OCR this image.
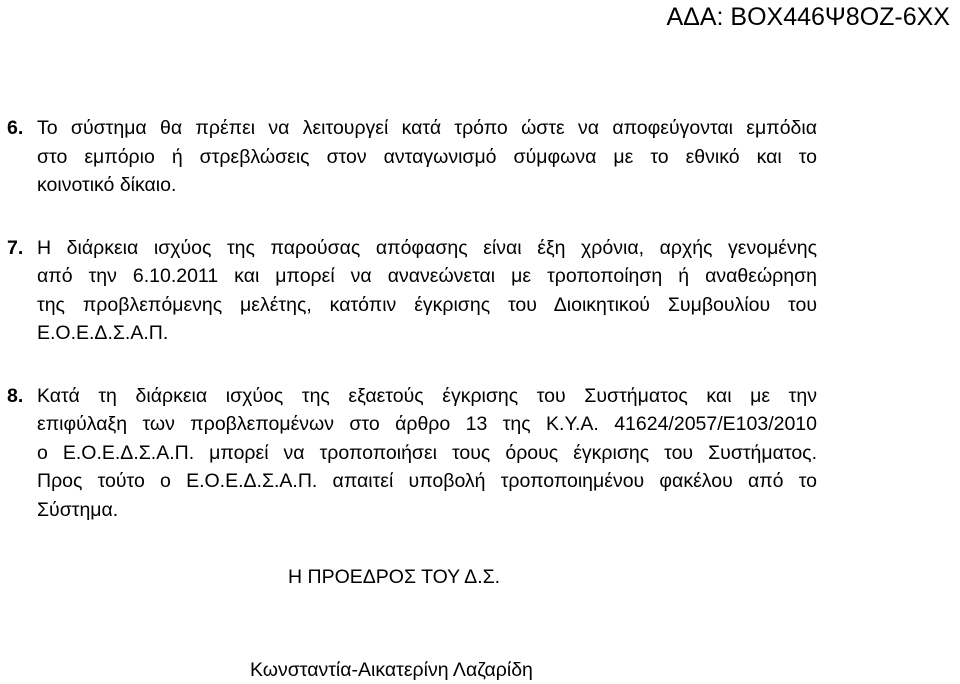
ΑΔΑ: ΒΟΧ446Ψ8ΟΖ-6ΧΧ
6. Το σύστημα θα πρέπει να λειτουργεί κατά τρόπο ώστε να αποφεύγονται εμπόδια
στο εμπόριο ή στρεβλώσεις στον ανταγωνισμό σύμφωνα με το εθνικό και το
κοινοτικό δίκαιο.
7. Η διάρκεια ισχύος της παρούσας απόφασης είναι έξη χρόνια, αρχής γενομένης
από την 6.10.2011 και μπορεί να ανανεώνεται με τροποποίηση ή αναθεώρηση
της προβλεπόμενης μελέτης, κατόπιν έγκρισης του Διοικητικού Συμβουλίου του
Ε.Ο.Ε.Δ.Σ.Α.Π.
8. Κατά τη διάρκεια ισχύος της εξαετούς έγκρισης του Συστήματος και με την
επιφύλαξη των προβλεπομένων στο άρθρο 13 της Κ.Υ.Α. 41624/2057/Ε103/2010
ο Ε.Ο.Ε.Δ.Σ.Α.Π. μπορεί να τροποποιήσει τους όρους έγκρισης του Συστήματος.
Προς τούτο ο Ε.Ο.Ε.Δ.Σ.Α.Π. απαιτεί υποβολή τροποποιημένου φακέλου από το
Σύστημα.
Η ΠΡΟΕΔΡΟΣ ΤΟΥ Δ.Σ.
Κωνσταντία-Αικατερίνη Λαζαρίδη
